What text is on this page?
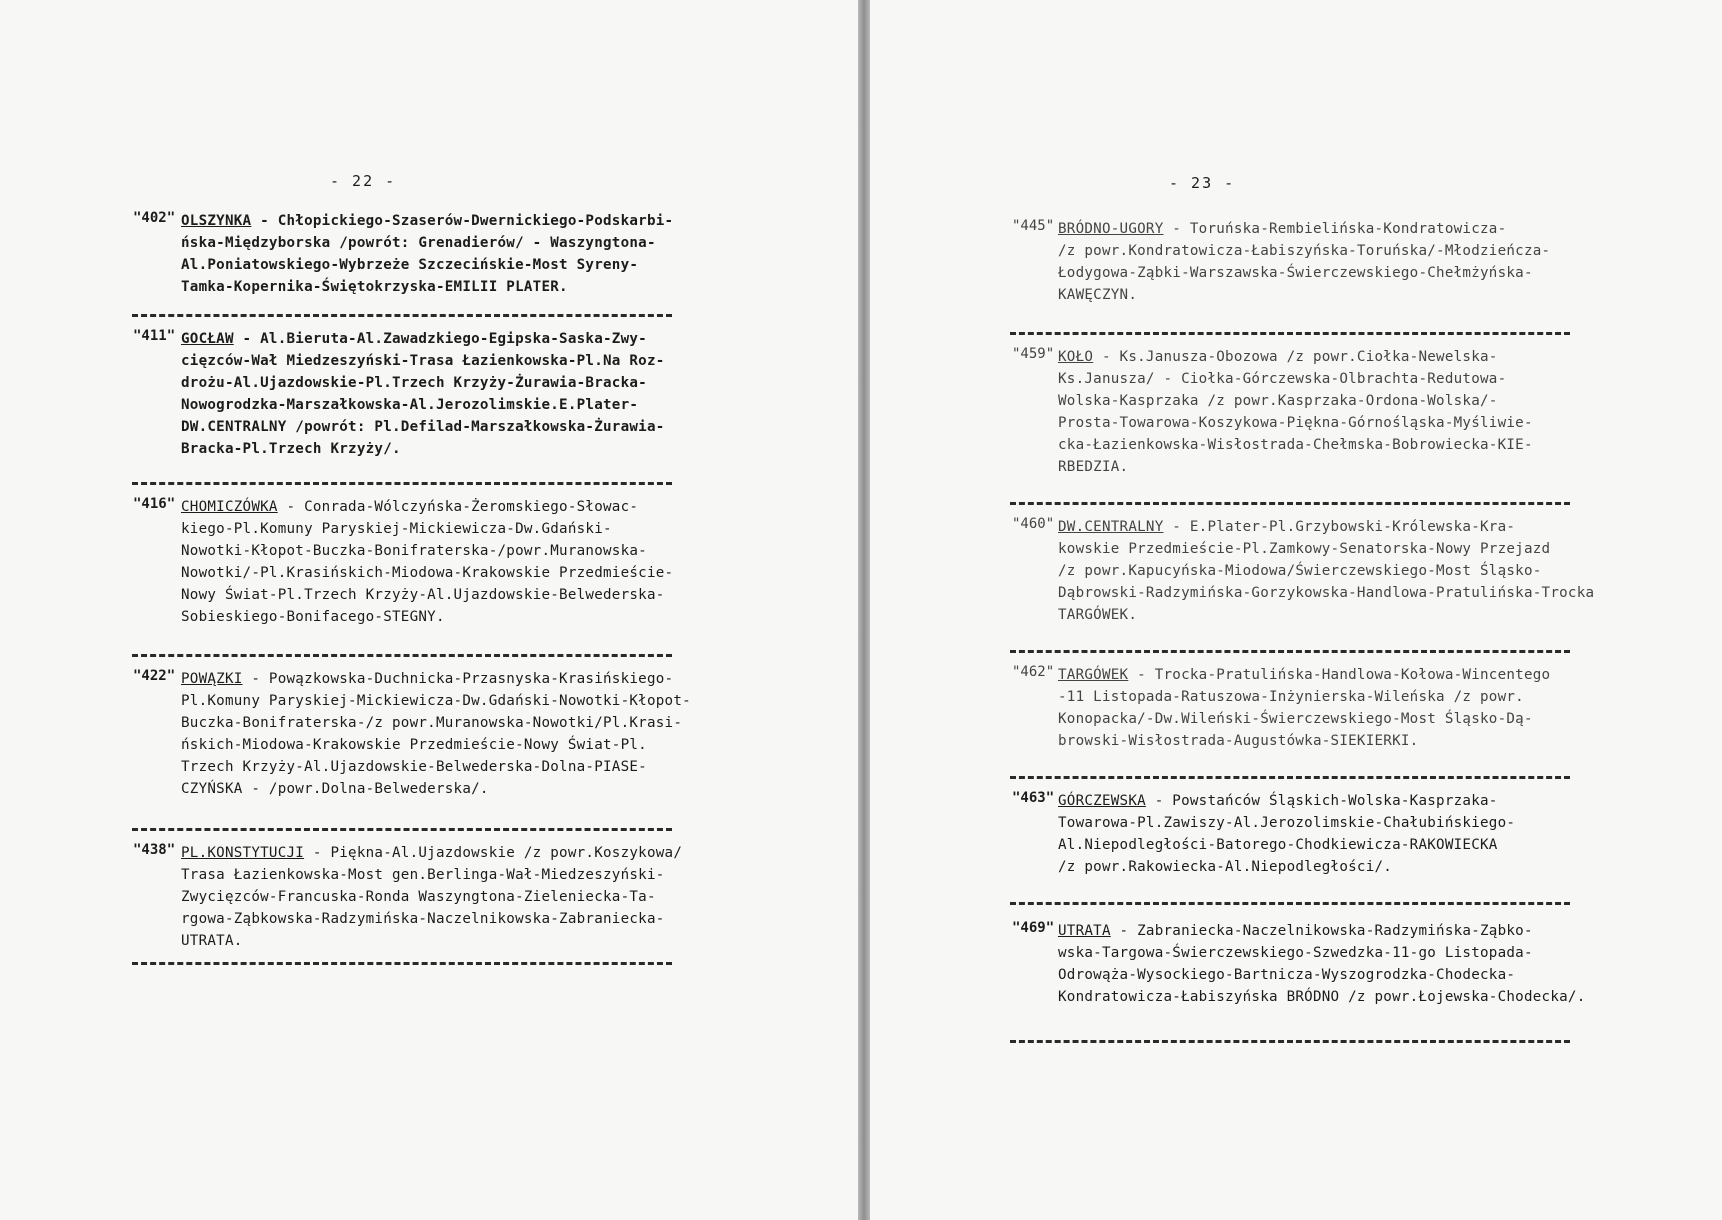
- 22 -
"402" OLSZYNKA - Chłopickiego-Szaserów-Dwernickiego-Podskarbi-
ńska-Międzyborska /powrót: Grenadierów/ - Waszyngtona-
Al.Poniatowskiego-Wybrzeże Szczecińskie-Most Syreny-
Tamka-Kopernika-Świętokrzyska-EMILII PLATER.
"411" GOCŁAW - Al.Bieruta-Al.Zawadzkiego-Egipska-Saska-Zwy-
cięzców-Wał Miedzeszyński-Trasa Łazienkowska-Pl.Na Roz-
drożu-Al.Ujazdowskie-Pl.Trzech Krzyży-Żurawia-Bracka-
Nowogrodzka-Marszałkowska-Al.Jerozolimskie.E.Plater-
DW.CENTRALNY /powrót: Pl.Defilad-Marszałkowska-Żurawia-
Bracka-Pl.Trzech Krzyży/.
"416" CHOMICZÓWKA - Conrada-Wólczyńska-Żeromskiego-Słowac-
kiego-Pl.Komuny Paryskiej-Mickiewicza-Dw.Gdański-
Nowotki-Kłopot-Buczka-Bonifraterska-/powr.Muranowska-
Nowotki/-Pl.Krasińskich-Miodowa-Krakowskie Przedmieście-
Nowy Świat-Pl.Trzech Krzyży-Al.Ujazdowskie-Belwederska-
Sobieskiego-Bonifacego-STEGNY.
"422" POWĄZKI - Powązkowska-Duchnicka-Przasnyska-Krasińskiego-
Pl.Komuny Paryskiej-Mickiewicza-Dw.Gdański-Nowotki-Kłopot-
Buczka-Bonifraterska-/z powr.Muranowska-Nowotki/Pl.Krasi-
ńskich-Miodowa-Krakowskie Przedmieście-Nowy Świat-Pl.
Trzech Krzyży-Al.Ujazdowskie-Belwederska-Dolna-PIASE-
CZYŃSKA - /powr.Dolna-Belwederska/.
"438" PL.KONSTYTUCJI - Piękna-Al.Ujazdowskie /z powr.Koszykowa/
Trasa Łazienkowska-Most gen.Berlinga-Wał-Miedzeszyński-
Zwycięzców-Francuska-Ronda Waszyngtona-Zieleniecka-Ta-
rgowa-Ząbkowska-Radzymińska-Naczelnikowska-Zabraniecka-
UTRATA.
- 23 -
"445" BRÓDNO-UGORY - Toruńska-Rembielińska-Kondratowicza-
/z powr.Kondratowicza-Łabiszyńska-Toruńska/-Młodzieńcza-
Łodygowa-Ząbki-Warszawska-Świerczewskiego-Chełmżyńska-
KAWĘCZYN.
"459" KOŁO - Ks.Janusza-Obozowa /z powr.Ciołka-Newelska-
Ks.Janusza/ - Ciołka-Górczewska-Olbrachta-Redutowa-
Wolska-Kasprzaka /z powr.Kasprzaka-Ordona-Wolska/-
Prosta-Towarowa-Koszykowa-Piękna-Górnośląska-Myśliwie-
cka-Łazienkowska-Wisłostrada-Chełmska-Bobrowiecka-KIE-
RBEDZIA.
"460" DW.CENTRALNY - E.Plater-Pl.Grzybowski-Królewska-Kra-
kowskie Przedmieście-Pl.Zamkowy-Senatorska-Nowy Przejazd
/z powr.Kapucyńska-Miodowa/Świerczewskiego-Most Śląsko-
Dąbrowski-Radzymińska-Gorzykowska-Handlowa-Pratulińska-Trocka
TARGÓWEK.
"462" TARGÓWEK - Trocka-Pratulińska-Handlowa-Kołowa-Wincentego
-11 Listopada-Ratuszowa-Inżynierska-Wileńska /z powr.
Konopacka/-Dw.Wileński-Świerczewskiego-Most Śląsko-Dą-
browski-Wisłostrada-Augustówka-SIEKIERKI.
"463" GÓRCZEWSKA - Powstańców Śląskich-Wolska-Kasprzaka-
Towarowa-Pl.Zawiszy-Al.Jerozolimskie-Chałubińskiego-
Al.Niepodległości-Batorego-Chodkiewicza-RAKOWIECKA
/z powr.Rakowiecka-Al.Niepodległości/.
"469" UTRATA - Zabraniecka-Naczelnikowska-Radzymińska-Ząbko-
wska-Targowa-Świerczewskiego-Szwedzka-11-go Listopada-
Odrowąża-Wysockiego-Bartnicza-Wyszogrodzka-Chodecka-
Kondratowicza-Łabiszyńska BRÓDNO /z powr.Łojewska-Chodecka/.
